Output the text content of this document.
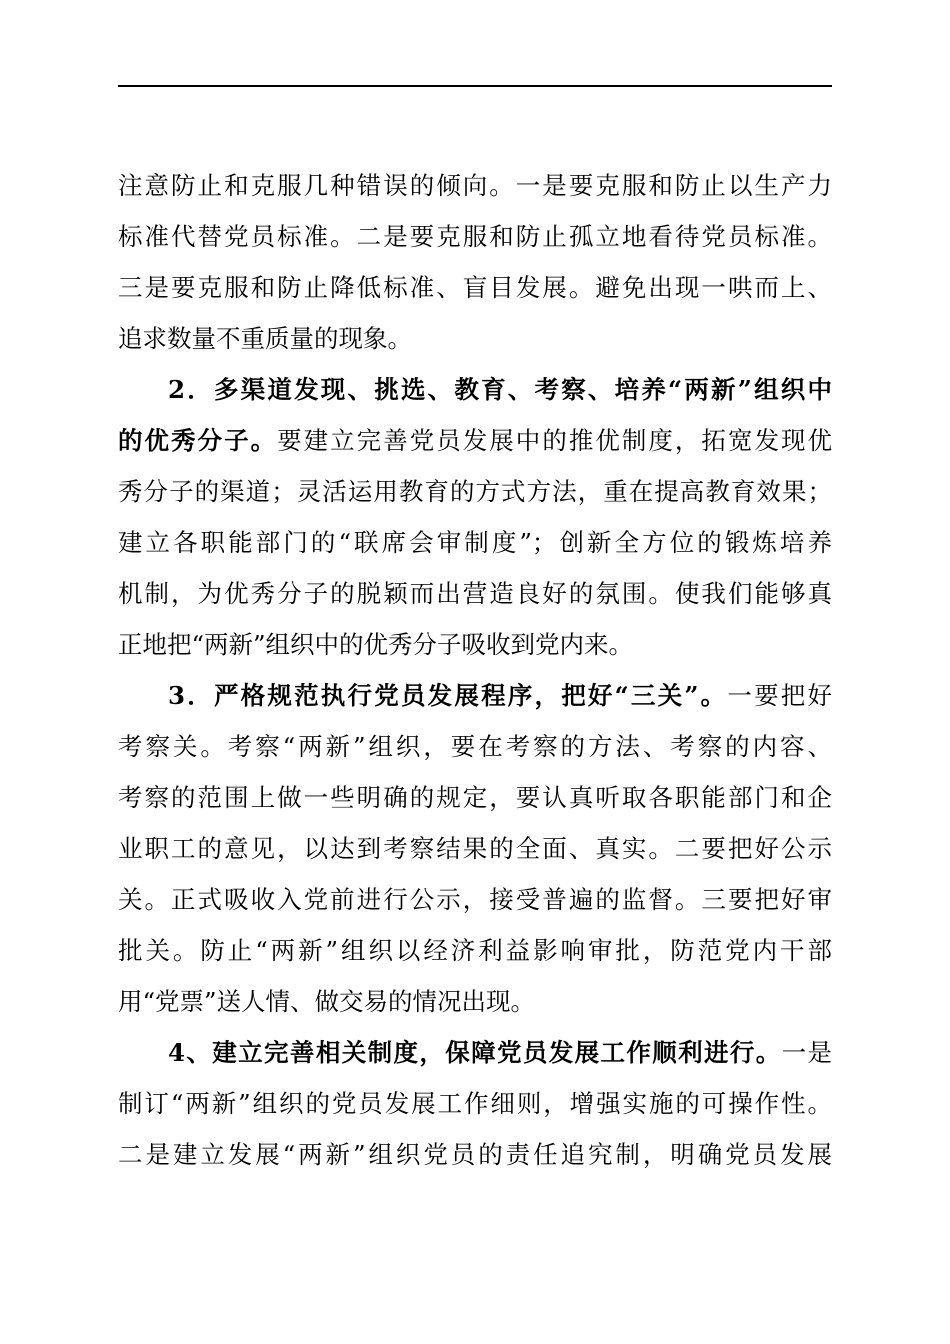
注意防止和克服几种错误的倾向。一是要克服和防止以生产力
标准代替党员标准。二是要克服和防止孤立地看待党员标准。
三是要克服和防止降低标准、盲目发展。避免出现一哄而上、
追求数量不重质量的现象。
2．多渠道发现、挑选、教育、考察、培养“两新”组织中
的优秀分子。要建立完善党员发展中的推优制度，拓宽发现优
秀分子的渠道；灵活运用教育的方式方法，重在提高教育效果；
建立各职能部门的“联席会审制度”；创新全方位的锻炼培养
机制，为优秀分子的脱颖而出营造良好的氛围。使我们能够真
正地把“两新”组织中的优秀分子吸收到党内来。
3．严格规范执行党员发展程序，把好“三关”。一要把好
考察关。考察“两新”组织，要在考察的方法、考察的内容、
考察的范围上做一些明确的规定，要认真听取各职能部门和企
业职工的意见，以达到考察结果的全面、真实。二要把好公示
关。正式吸收入党前进行公示，接受普遍的监督。三要把好审
批关。防止“两新”组织以经济利益影响审批，防范党内干部
用“党票”送人情、做交易的情况出现。
4、建立完善相关制度，保障党员发展工作顺利进行。一是
制订“两新”组织的党员发展工作细则，增强实施的可操作性。
二是建立发展“两新”组织党员的责任追究制，明确党员发展
